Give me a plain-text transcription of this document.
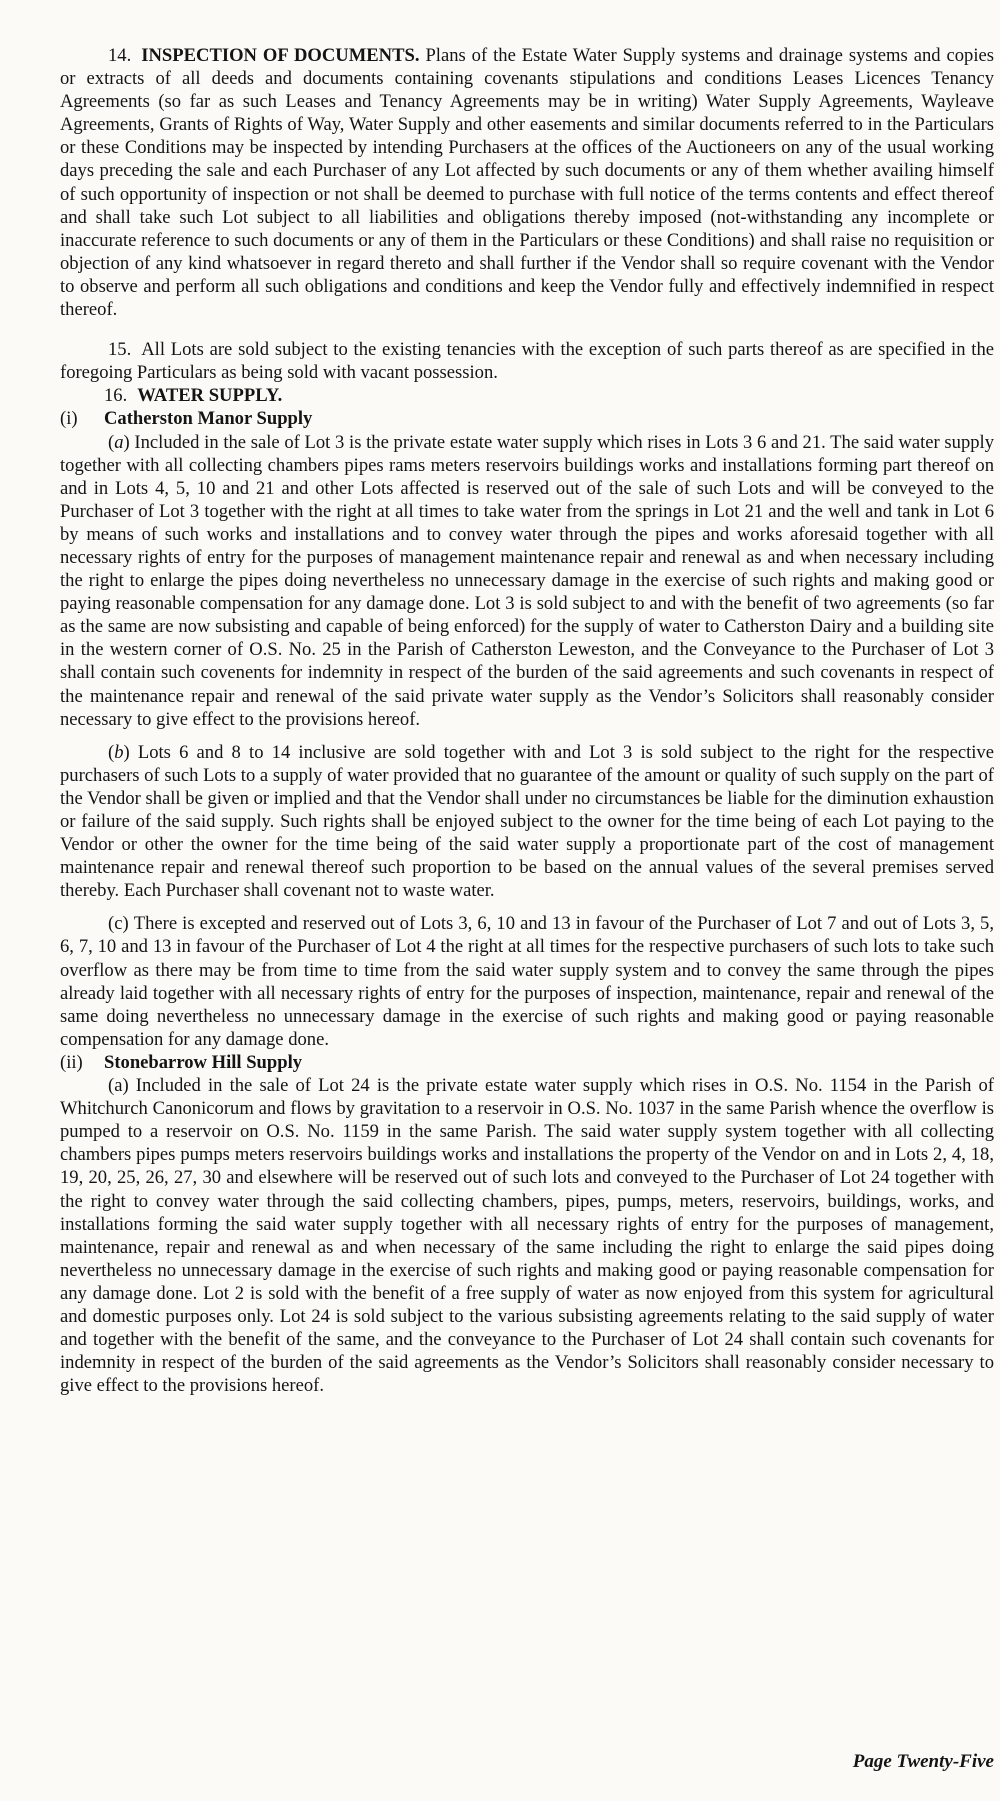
14. INSPECTION OF DOCUMENTS. Plans of the Estate Water Supply systems and drainage systems and copies or extracts of all deeds and documents containing covenants stipulations and conditions Leases Licences Tenancy Agreements (so far as such Leases and Tenancy Agreements may be in writing) Water Supply Agreements, Wayleave Agreements, Grants of Rights of Way, Water Supply and other easements and similar documents referred to in the Particulars or these Conditions may be inspected by intending Purchasers at the offices of the Auctioneers on any of the usual working days preceding the sale and each Purchaser of any Lot affected by such documents or any of them whether availing himself of such opportunity of inspection or not shall be deemed to purchase with full notice of the terms contents and effect thereof and shall take such Lot subject to all liabilities and obligations thereby imposed (not-withstanding any incomplete or inaccurate reference to such documents or any of them in the Particulars or these Conditions) and shall raise no requisition or objection of any kind whatsoever in regard thereto and shall further if the Vendor shall so require covenant with the Vendor to observe and perform all such obligations and conditions and keep the Vendor fully and effectively indemnified in respect thereof.

15. All Lots are sold subject to the existing tenancies with the exception of such parts thereof as are specified in the foregoing Particulars as being sold with vacant possession.

16. WATER SUPPLY.

(i) Catherston Manor Supply

(a) Included in the sale of Lot 3 is the private estate water supply which rises in Lots 3 6 and 21. The said water supply together with all collecting chambers pipes rams meters reservoirs buildings works and installations forming part thereof on and in Lots 4, 5, 10 and 21 and other Lots affected is reserved out of the sale of such Lots and will be conveyed to the Purchaser of Lot 3 together with the right at all times to take water from the springs in Lot 21 and the well and tank in Lot 6 by means of such works and installations and to convey water through the pipes and works aforesaid together with all necessary rights of entry for the purposes of management maintenance repair and renewal as and when necessary including the right to enlarge the pipes doing nevertheless no unnecessary damage in the exercise of such rights and making good or paying reasonable compensation for any damage done. Lot 3 is sold subject to and with the benefit of two agreements (so far as the same are now subsisting and capable of being enforced) for the supply of water to Catherston Dairy and a building site in the western corner of O.S. No. 25 in the Parish of Catherston Leweston, and the Conveyance to the Purchaser of Lot 3 shall contain such covenents for indemnity in respect of the burden of the said agreements and such covenants in respect of the maintenance repair and renewal of the said private water supply as the Vendor’s Solicitors shall reasonably consider necessary to give effect to the provisions hereof.

(b) Lots 6 and 8 to 14 inclusive are sold together with and Lot 3 is sold subject to the right for the respective purchasers of such Lots to a supply of water provided that no guarantee of the amount or quality of such supply on the part of the Vendor shall be given or implied and that the Vendor shall under no circumstances be liable for the diminution exhaustion or failure of the said supply. Such rights shall be enjoyed subject to the owner for the time being of each Lot paying to the Vendor or other the owner for the time being of the said water supply a proportionate part of the cost of management maintenance repair and renewal thereof such proportion to be based on the annual values of the several premises served thereby. Each Purchaser shall covenant not to waste water.

(c) There is excepted and reserved out of Lots 3, 6, 10 and 13 in favour of the Purchaser of Lot 7 and out of Lots 3, 5, 6, 7, 10 and 13 in favour of the Purchaser of Lot 4 the right at all times for the respective purchasers of such lots to take such overflow as there may be from time to time from the said water supply system and to convey the same through the pipes already laid together with all necessary rights of entry for the purposes of inspection, maintenance, repair and renewal of the same doing nevertheless no unnecessary damage in the exercise of such rights and making good or paying reasonable compensation for any damage done.

(ii) Stonebarrow Hill Supply

(a) Included in the sale of Lot 24 is the private estate water supply which rises in O.S. No. 1154 in the Parish of Whitchurch Canonicorum and flows by gravitation to a reservoir in O.S. No. 1037 in the same Parish whence the overflow is pumped to a reservoir on O.S. No. 1159 in the same Parish. The said water supply system together with all collecting chambers pipes pumps meters reservoirs buildings works and installations the property of the Vendor on and in Lots 2, 4, 18, 19, 20, 25, 26, 27, 30 and elsewhere will be reserved out of such lots and conveyed to the Purchaser of Lot 24 together with the right to convey water through the said collecting chambers, pipes, pumps, meters, reservoirs, buildings, works, and installations forming the said water supply together with all necessary rights of entry for the purposes of management, maintenance, repair and renewal as and when necessary of the same including the right to enlarge the said pipes doing nevertheless no unnecessary damage in the exercise of such rights and making good or paying reasonable compensation for any damage done. Lot 2 is sold with the benefit of a free supply of water as now enjoyed from this system for agricultural and domestic purposes only. Lot 24 is sold subject to the various subsisting agreements relating to the said supply of water and together with the benefit of the same, and the conveyance to the Purchaser of Lot 24 shall contain such covenants for indemnity in respect of the burden of the said agreements as the Vendor’s Solicitors shall reasonably consider necessary to give effect to the provisions hereof.

Page Twenty-Five
